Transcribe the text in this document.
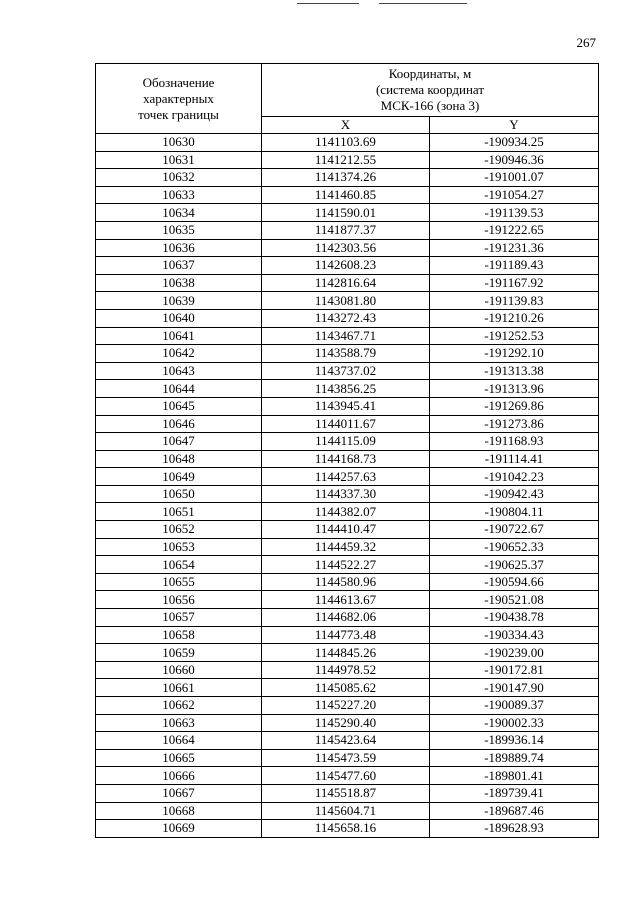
267
Обозначение
характерных
точек границы	Координаты, м
(система координат
МСК-166 (зона 3)	

	X	Y
10630	1141103.69	-190934.25
10631	1141212.55	-190946.36
10632	1141374.26	-191001.07
10633	1141460.85	-191054.27
10634	1141590.01	-191139.53
10635	1141877.37	-191222.65
10636	1142303.56	-191231.36
10637	1142608.23	-191189.43
10638	1142816.64	-191167.92
10639	1143081.80	-191139.83
10640	1143272.43	-191210.26
10641	1143467.71	-191252.53
10642	1143588.79	-191292.10
10643	1143737.02	-191313.38
10644	1143856.25	-191313.96
10645	1143945.41	-191269.86
10646	1144011.67	-191273.86
10647	1144115.09	-191168.93
10648	1144168.73	-191114.41
10649	1144257.63	-191042.23
10650	1144337.30	-190942.43
10651	1144382.07	-190804.11
10652	1144410.47	-190722.67
10653	1144459.32	-190652.33
10654	1144522.27	-190625.37
10655	1144580.96	-190594.66
10656	1144613.67	-190521.08
10657	1144682.06	-190438.78
10658	1144773.48	-190334.43
10659	1144845.26	-190239.00
10660	1144978.52	-190172.81
10661	1145085.62	-190147.90
10662	1145227.20	-190089.37
10663	1145290.40	-190002.33
10664	1145423.64	-189936.14
10665	1145473.59	-189889.74
10666	1145477.60	-189801.41
10667	1145518.87	-189739.41
10668	1145604.71	-189687.46
10669	1145658.16	-189628.93
